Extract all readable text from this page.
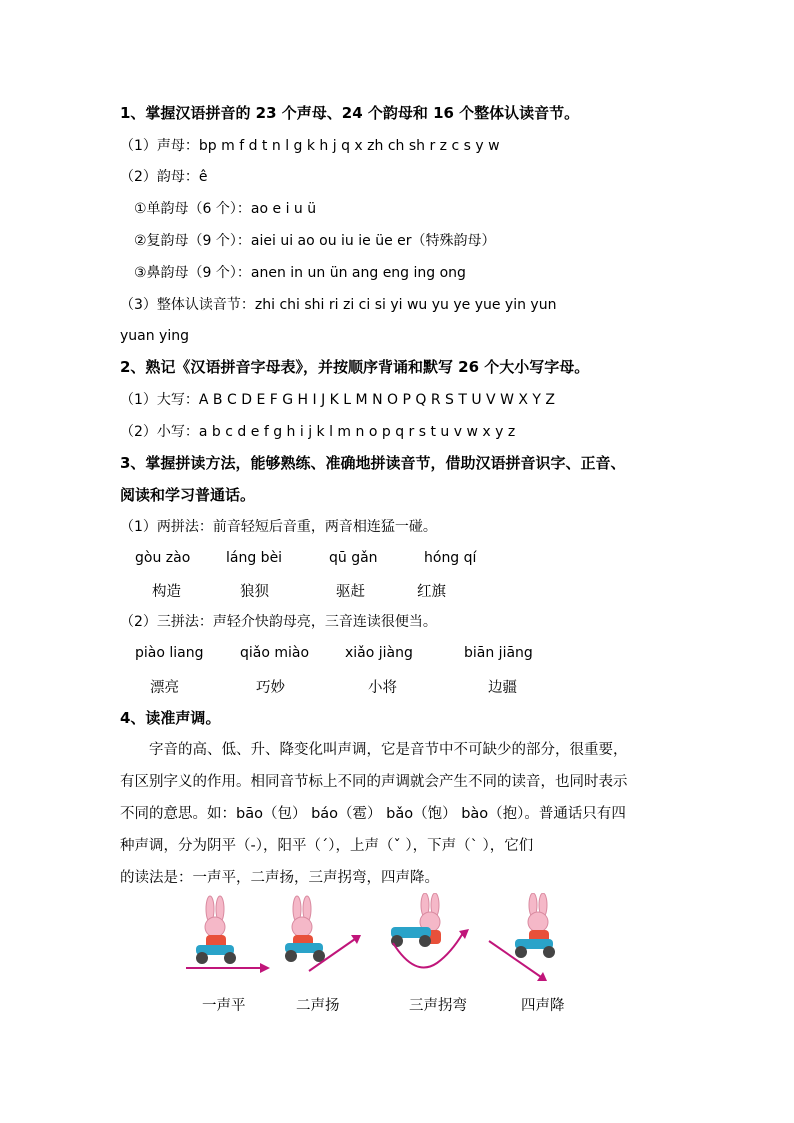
1、掌握汉语拼音的 23 个声母、24 个韵母和 16 个整体认读音节。
（1）声母：bp m f d t n l g k h j q x zh ch sh r z c s y w
（2）韵母：ê
①单韵母（6 个）：ao e i u ü
②复韵母（9 个）：aiei ui ao ou iu ie üe er（特殊韵母）
③鼻韵母（9 个）：anen in un ün ang eng ing ong
（3）整体认读音节：zhi chi shi ri zi ci si yi wu yu ye yue yin yun
yuan ying
2、熟记《汉语拼音字母表》，并按顺序背诵和默写 26 个大小写字母。
（1）大写：A B C D E F G H I J K L M N O P Q R S T U V W X Y Z
（2）小写：a b c d e f g h i j k l m n o p q r s t u v w x y z
3、掌握拼读方法，能够熟练、准确地拼读音节，借助汉语拼音识字、正音、
阅读和学习普通话。
（1）两拼法：前音轻短后音重，两音相连猛一碰。
gòu zào	láng bèi	qū gǎn	hóng qí
构造	狼狈	驱赶	红旗
（2）三拼法：声轻介快韵母亮，三音连读很便当。
piào liang	qiǎo miào	xiǎo jiàng	biān jiāng
漂亮	巧妙	小将	边疆
4、读准声调。

字音的高、低、升、降变化叫声调，它是音节中不可缺少的部分，很重要，

有区别字义的作用。相同音节标上不同的声调就会产生不同的读音，也同时表示
不同的意思。如：bāo（包） báo（雹） bǎo（饱） bào（抱）。普通话只有四
种声调，分为阴平（-），阳平（ˊ），上声（ˇ ），下声（ˋ ），它们
的读法是：一声平，二声扬，三声拐弯，四声降。
一声平	二声扬	三声拐弯	四声降
